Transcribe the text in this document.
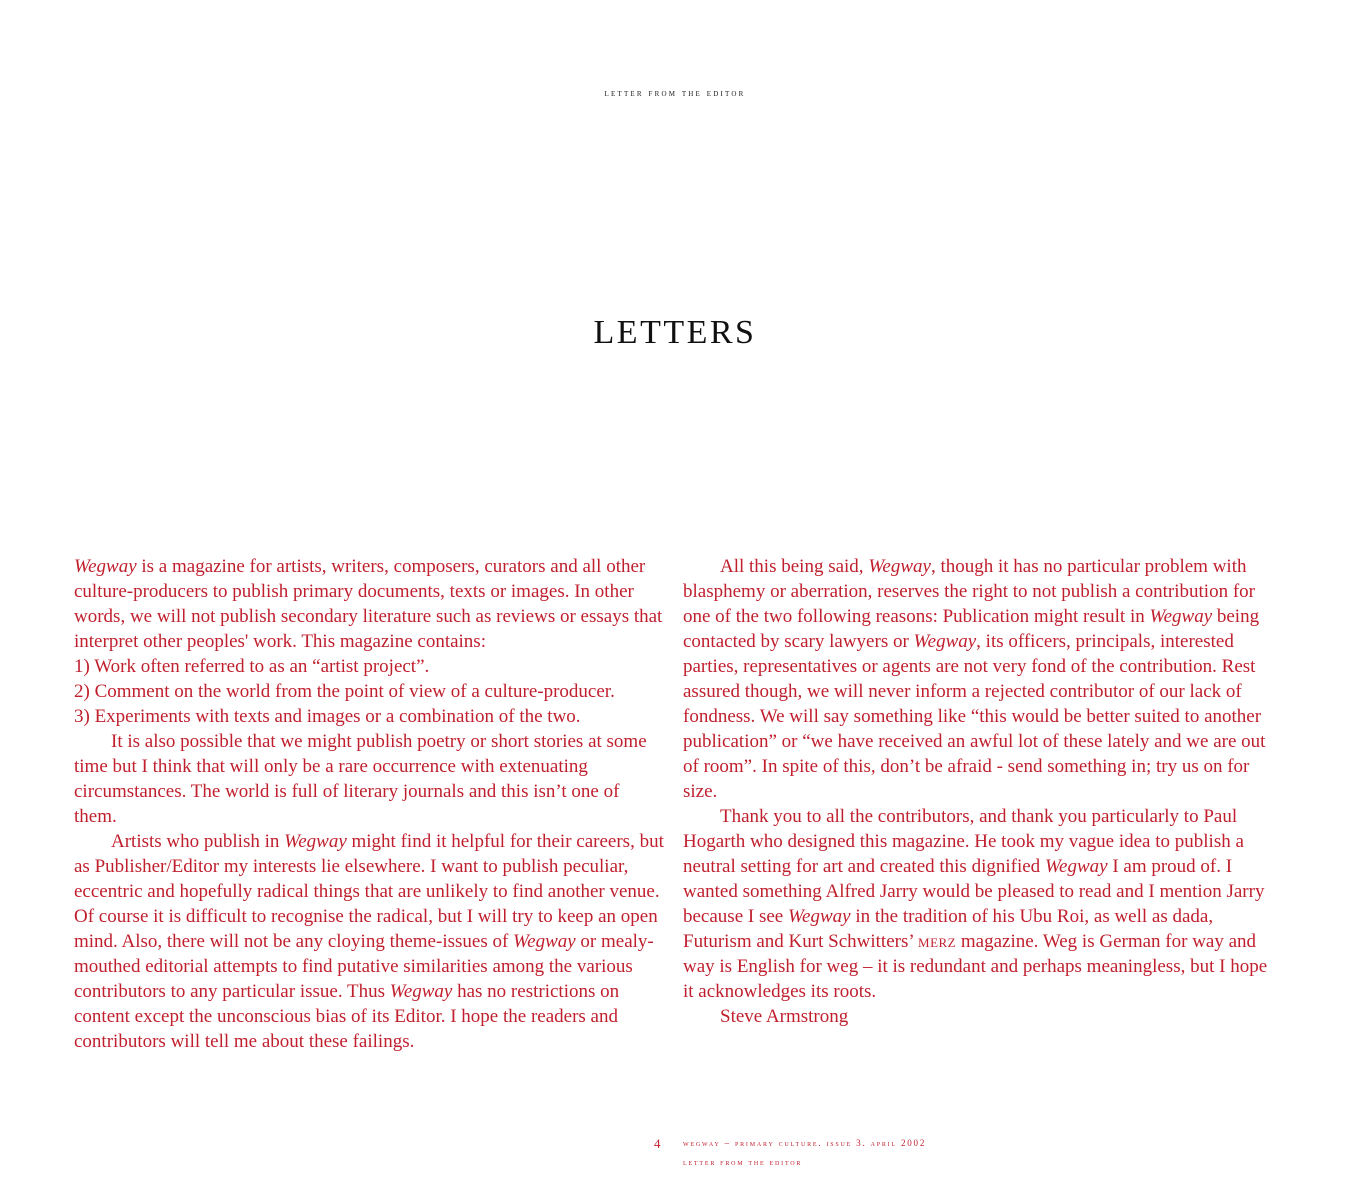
letter from the editor
LETTERS

Wegway is a magazine for artists, writers, composers, curators and all other culture-producers to publish primary documents, texts or images. In other words, we will not publish secondary literature such as reviews or essays that interpret other peoples' work. This magazine contains:

1) Work often referred to as an “artist project”.

2) Comment on the world from the point of view of a culture-producer.

3) Experiments with texts and images or a combination of the two.

It is also possible that we might publish poetry or short stories at some time but I think that will only be a rare occurrence with extenuating circumstances. The world is full of literary journals and this isn’t one of them.

Artists who publish in Wegway might find it helpful for their careers, but as Publisher/Editor my interests lie elsewhere. I want to publish peculiar, eccentric and hopefully radical things that are unlikely to find another venue. Of course it is difficult to recognise the radical, but I will try to keep an open mind. Also, there will not be any cloying theme-issues of Wegway or mealy-mouthed editorial attempts to find putative similarities among the various contributors to any particular issue. Thus Wegway has no restrictions on content except the unconscious bias of its Editor. I hope the readers and contributors will tell me about these failings.

All this being said, Wegway, though it has no particular problem with blasphemy or aberration, reserves the right to not publish a contribution for one of the two following reasons: Publication might result in Wegway being contacted by scary lawyers or Wegway, its officers, principals, interested parties, representatives or agents are not very fond of the contribution. Rest assured though, we will never inform a rejected contributor of our lack of fondness. We will say something like “this would be better suited to another publication” or “we have received an awful lot of these lately and we are out of room”. In spite of this, don’t be afraid - send something in; try us on for size.

Thank you to all the contributors, and thank you particularly to Paul Hogarth who designed this magazine. He took my vague idea to publish a neutral setting for art and created this dignified Wegway I am proud of. I wanted something Alfred Jarry would be pleased to read and I mention Jarry because I see Wegway in the tradition of his Ubu Roi, as well as dada, Futurism and Kurt Schwitters’ merz magazine. Weg is German for way and way is English for weg – it is redundant and perhaps meaningless, but I hope it acknowledges its roots.

Steve Armstrong

4	wegway – primary culture. issue 3. april 2002
letter from the editor
